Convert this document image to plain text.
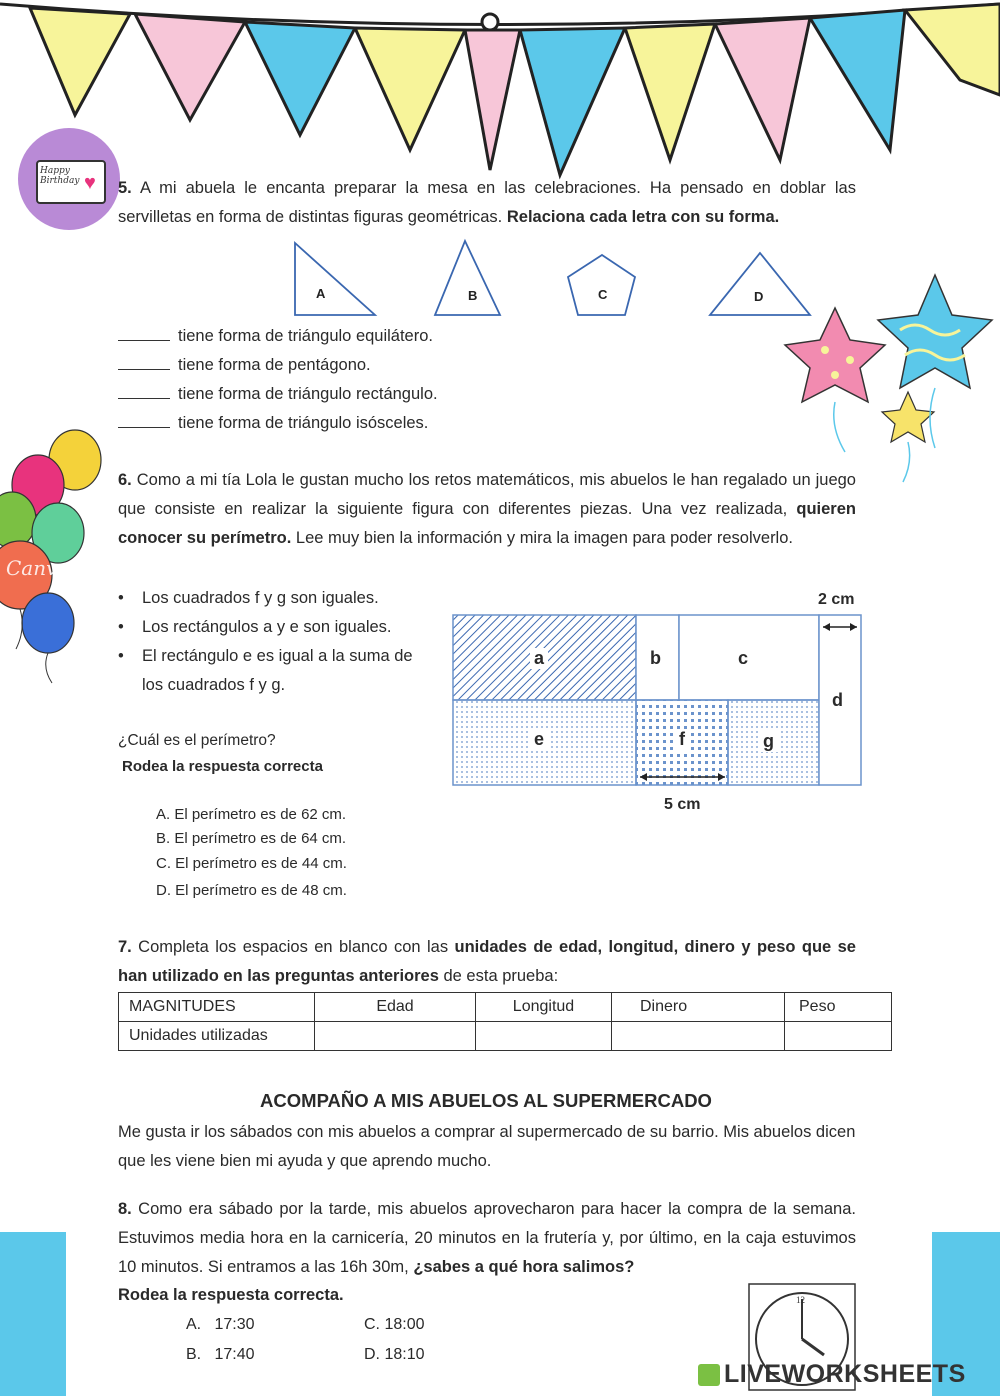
Happy Birthday ♥ 5. A mi abuela le encanta preparar la mesa en las celebraciones. Ha pensado en doblar las servilletas en forma de distintas figuras geométricas. Relaciona cada letra con su forma.
A	B	C	D
tiene forma de triángulo equilátero.
tiene forma de pentágono.
tiene forma de triángulo rectángulo.
tiene forma de triángulo isósceles.
Canva
6. Como a mi tía Lola le gustan mucho los retos matemáticos, mis abuelos le han regalado un juego que consiste en realizar la siguiente figura con diferentes piezas. Una vez realizada, quieren conocer su perímetro. Lee muy bien la información y mira la imagen para poder resolverlo.
•	Los cuadrados f y g son iguales.
•	Los rectángulos a y e son iguales.
•	El rectángulo e es igual a la suma de los cuadrados f y g.
¿Cuál es el perímetro?
Rodea la respuesta correcta
A. El perímetro es de 62 cm.
B. El perímetro es de 64 cm.
C. El perímetro es de 44 cm.
D. El perímetro es de 48 cm.
a	b	c
d
e	f	g
2 cm
5 cm
7. Completa los espacios en blanco con las unidades de edad, longitud, dinero y peso que se han utilizado en las preguntas anteriores de esta prueba:
MAGNITUDES	Edad	Longitud	Dinero	Peso
Unidades utilizadas				
ACOMPAÑO A MIS ABUELOS AL SUPERMERCADO
Me gusta ir los sábados con mis abuelos a comprar al supermercado de su barrio. Mis abuelos dicen que les viene bien mi ayuda y que aprendo mucho.
8. Como era sábado por la tarde, mis abuelos aprovecharon para hacer la compra de la semana. Estuvimos media hora en la carnicería, 20 minutos en la frutería y, por último, en la caja estuvimos 10 minutos. Si entramos a las 16h 30m, ¿sabes a qué hora salimos?
Rodea la respuesta correcta.
A. 17:30
B. 17:40
C. 18:00
D. 18:10
12
LIVEWORKSHEETS
